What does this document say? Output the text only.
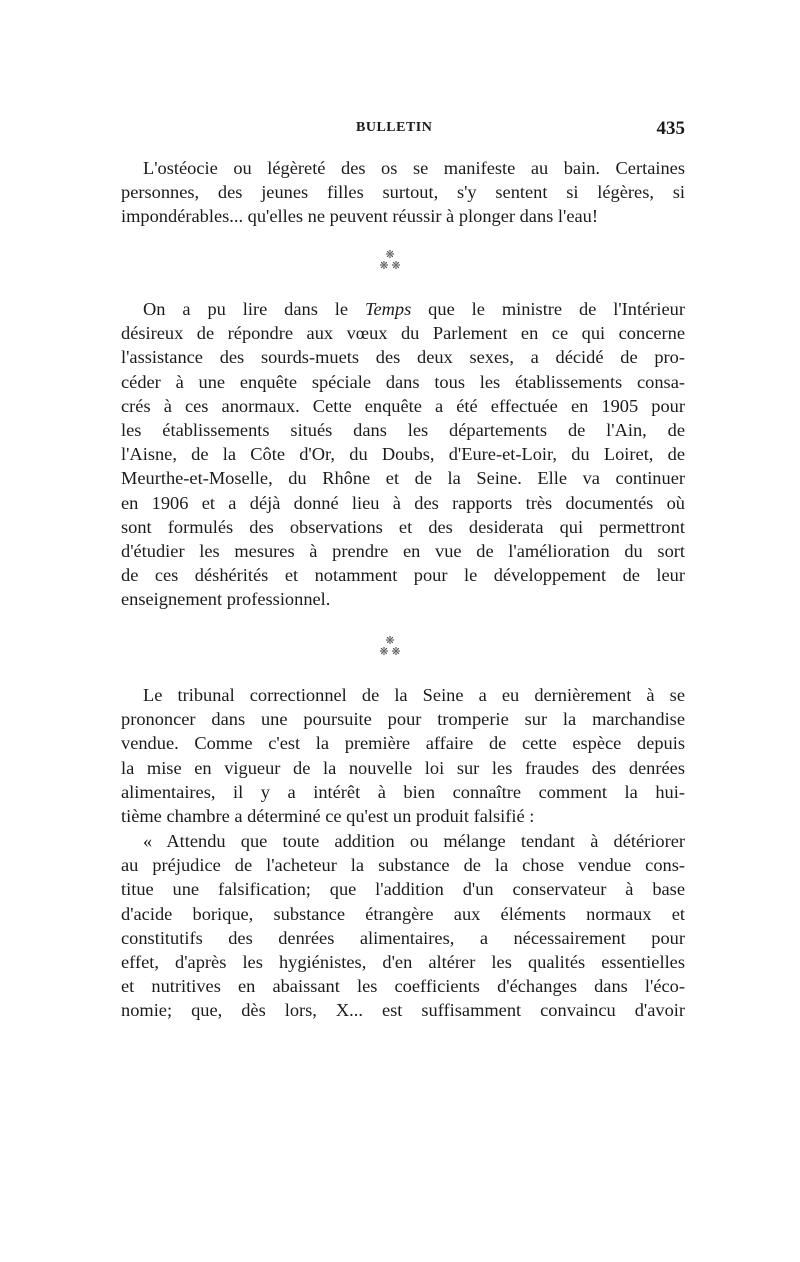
BULLETIN	435
L'ostéocie ou légèreté des os se manifeste au bain. Certaines
personnes, des jeunes filles surtout, s'y sentent si légères, si
impondérables... qu'elles ne peuvent réussir à plonger dans l'eau!
❋
❋ ❋
On a pu lire dans le Temps que le ministre de l'Intérieur
désireux de répondre aux vœux du Parlement en ce qui concerne
l'assistance des sourds-muets des deux sexes, a décidé de pro-
céder à une enquête spéciale dans tous les établissements consa-
crés à ces anormaux. Cette enquête a été effectuée en 1905 pour
les établissements situés dans les départements de l'Ain, de
l'Aisne, de la Côte d'Or, du Doubs, d'Eure-et-Loir, du Loiret, de
Meurthe-et-Moselle, du Rhône et de la Seine. Elle va continuer
en 1906 et a déjà donné lieu à des rapports très documentés où
sont formulés des observations et des desiderata qui permettront
d'étudier les mesures à prendre en vue de l'amélioration du sort
de ces déshérités et notamment pour le développement de leur
enseignement professionnel.
❋
❋ ❋
Le tribunal correctionnel de la Seine a eu dernièrement à se
prononcer dans une poursuite pour tromperie sur la marchandise
vendue. Comme c'est la première affaire de cette espèce depuis
la mise en vigueur de la nouvelle loi sur les fraudes des denrées
alimentaires, il y a intérêt à bien connaître comment la hui-
tième chambre a déterminé ce qu'est un produit falsifié :
« Attendu que toute addition ou mélange tendant à détériorer
au préjudice de l'acheteur la substance de la chose vendue cons-
titue une falsification; que l'addition d'un conservateur à base
d'acide borique, substance étrangère aux éléments normaux et
constitutifs des denrées alimentaires, a nécessairement pour
effet, d'après les hygiénistes, d'en altérer les qualités essentielles
et nutritives en abaissant les coefficients d'échanges dans l'éco-
nomie; que, dès lors, X... est suffisamment convaincu d'avoir
